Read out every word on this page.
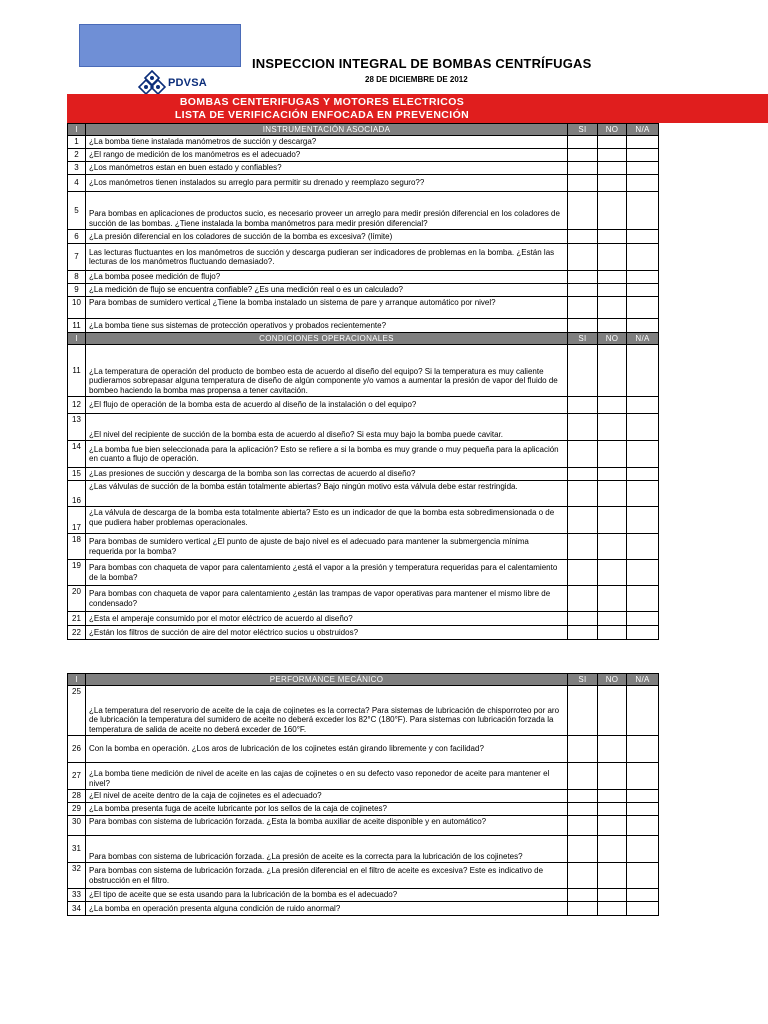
PDVSA
INSPECCION INTEGRAL DE BOMBAS CENTRÍFUGAS
28 DE DICIEMBRE DE 2012
BOMBAS CENTERIFUGAS Y MOTORES ELECTRICOS
LISTA DE VERIFICACIÓN ENFOCADA EN PREVENCIÓN
I	INSTRUMENTACIÓN ASOCIADA	SI	NO	N/A
1	¿La bomba tiene instalada manómetros de succión y descarga?			
2	¿El rango de medición de los manómetros es el adecuado?			
3	¿Los manómetros estan en buen estado y confiables?			
4	¿Los manómetros tienen instalados su arreglo para permitir su drenado y reemplazo seguro??			
5	Para bombas en aplicaciones de productos sucio, es necesario proveer un arreglo para medir presión diferencial en los coladores de succión de las bombas. ¿Tiene instalada la bomba manómetros para medir presión diferencial?			
6	¿La presión diferencial en los coladores de succión de la bomba es excesiva? (límite)			
7	Las lecturas fluctuantes en los manómetros de succión y descarga pudieran ser indicadores de problemas en la bomba. ¿Están las lecturas de los manómetros fluctuando demasiado?.			
8	¿La bomba posee medición de flujo?			
9	¿La medición de flujo se encuentra confiable? ¿Es una medición real o es un calculado?			
10	Para bombas de sumidero vertical ¿Tiene la bomba instalado un sistema de pare y arranque automático por nivel?			
11	¿La bomba tiene sus sistemas de protección operativos y probados recientemente?			
I	CONDICIONES OPERACIONALES	SI	NO	N/A
11	¿La temperatura de operación del producto de bombeo esta de acuerdo al diseño del equipo? Si la temperatura es muy caliente pudieramos sobrepasar alguna temperatura de diseño de algún componente y/o vamos a aumentar la presión de vapor del fluido de bombeo haciendo la bomba mas propensa a tener cavitación.			
12	¿El flujo de operación de la bomba esta de acuerdo al diseño de la instalación o del equipo?			
13	¿El nivel del recipiente de succión de la bomba esta de acuerdo al diseño? Si esta muy bajo la bomba puede cavitar.			
14	¿La bomba fue bien seleccionada para la aplicación? Esto se refiere a si la bomba es muy grande o muy pequeña para la aplicación en cuanto a flujo de operación.			
15	¿Las presiones de succión y descarga de la bomba son las correctas de acuerdo al diseño?			
16	¿Las válvulas de succión de la bomba están totalmente abiertas? Bajo ningún motivo esta válvula debe estar restringida.			
17	¿La válvula de descarga de la bomba esta totalmente abierta? Esto es un indicador de que la bomba esta sobredimensionada o de que pudiera haber problemas operacionales.			
18	Para bombas de sumidero vertical ¿El punto de ajuste de bajo nivel es el adecuado para mantener la submergencia mínima requerida por la bomba?			
19	Para bombas con chaqueta de vapor para calentamiento ¿está el vapor a la presión y temperatura requeridas para el calentamiento de la bomba?			
20	Para bombas con chaqueta de vapor para calentamiento ¿están las trampas de vapor operativas para mantener el mismo libre de condensado?			
21	¿Esta el amperaje consumido por el motor eléctrico de acuerdo al diseño?			
22	¿Están los filtros de succión de aire del motor eléctrico sucios u obstruidos?			
I	PERFORMANCE MECÁNICO	SI	NO	N/A
25	¿La temperatura del reservorio de aceite de la caja de cojinetes es la correcta? Para sistemas de lubricación de chisporroteo por aro de lubricación la temperatura del sumidero de aceite no deberá exceder los 82°C (180°F). Para sistemas con lubricación forzada la temperatura de salida de aceite no deberá exceder de 160°F.			
26	Con la bomba en operación. ¿Los aros de lubricación de los cojinetes están girando libremente y con facilidad?			
27	¿La bomba tiene medición de nivel de aceite en las cajas de cojinetes o en su defecto vaso reponedor de aceite para mantener el nivel?			
28	¿El nivel de aceite dentro de la caja de cojinetes es el adecuado?			
29	¿La bomba presenta fuga de aceite lubricante por los sellos de la caja de cojinetes?			
30	Para bombas con sistema de lubricación forzada. ¿Esta la bomba auxiliar de aceite disponible y en automático?			
31	Para bombas con sistema de lubricación forzada. ¿La presión de aceite es la correcta para la lubricación de los cojinetes?			
32	Para bombas con sistema de lubricación forzada. ¿La presión diferencial en el filtro de aceite es excesiva? Este es indicativo de obstrucción en el filtro.			
33	¿El tipo de aceite que se esta usando para la lubricación de la bomba es el adecuado?			
34	¿La bomba en operación presenta alguna condición de ruido anormal?			
